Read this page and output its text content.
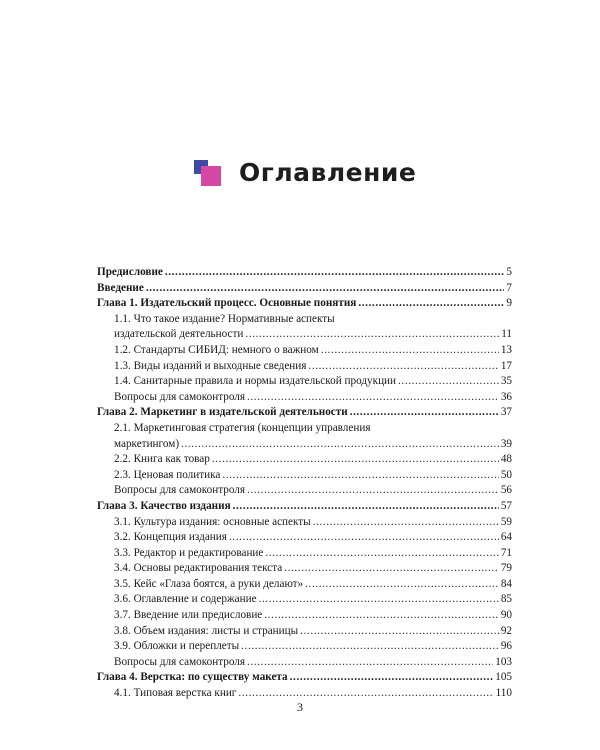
Оглавление
Предисловие .....	5
Введение .....	7
Глава 1. Издательский процесс. Основные понятия .....	9
1.1. Что такое издание? Нормативные аспекты
издательской деятельности .....	11
1.2. Стандарты СИБИД: немного о важном .....	13
1.3. Виды изданий и выходные сведения .....	17
1.4. Санитарные правила и нормы издательской продукции .....	35
Вопросы для самоконтроля .....	36
Глава 2. Маркетинг в издательской деятельности .....	37
2.1. Маркетинговая стратегия (концепции управления
маркетингом) .....	39
2.2. Книга как товар .....	48
2.3. Ценовая политика .....	50
Вопросы для самоконтроля .....	56
Глава 3. Качество издания .....	57
3.1. Культура издания: основные аспекты .....	59
3.2. Концепция издания .....	64
3.3. Редактор и редактирование .....	71
3.4. Основы редактирования текста .....	79
3.5. Кейс «Глаза боятся, а руки делают» .....	84
3.6. Оглавление и содержание .....	85
3.7. Введение или предисловие .....	90
3.8. Объем издания: листы и страницы .....	92
3.9. Обложки и переплеты .....	96
Вопросы для самоконтроля .....	103
Глава 4. Верстка: по существу макета .....	105
4.1. Типовая верстка книг .....	110
3
